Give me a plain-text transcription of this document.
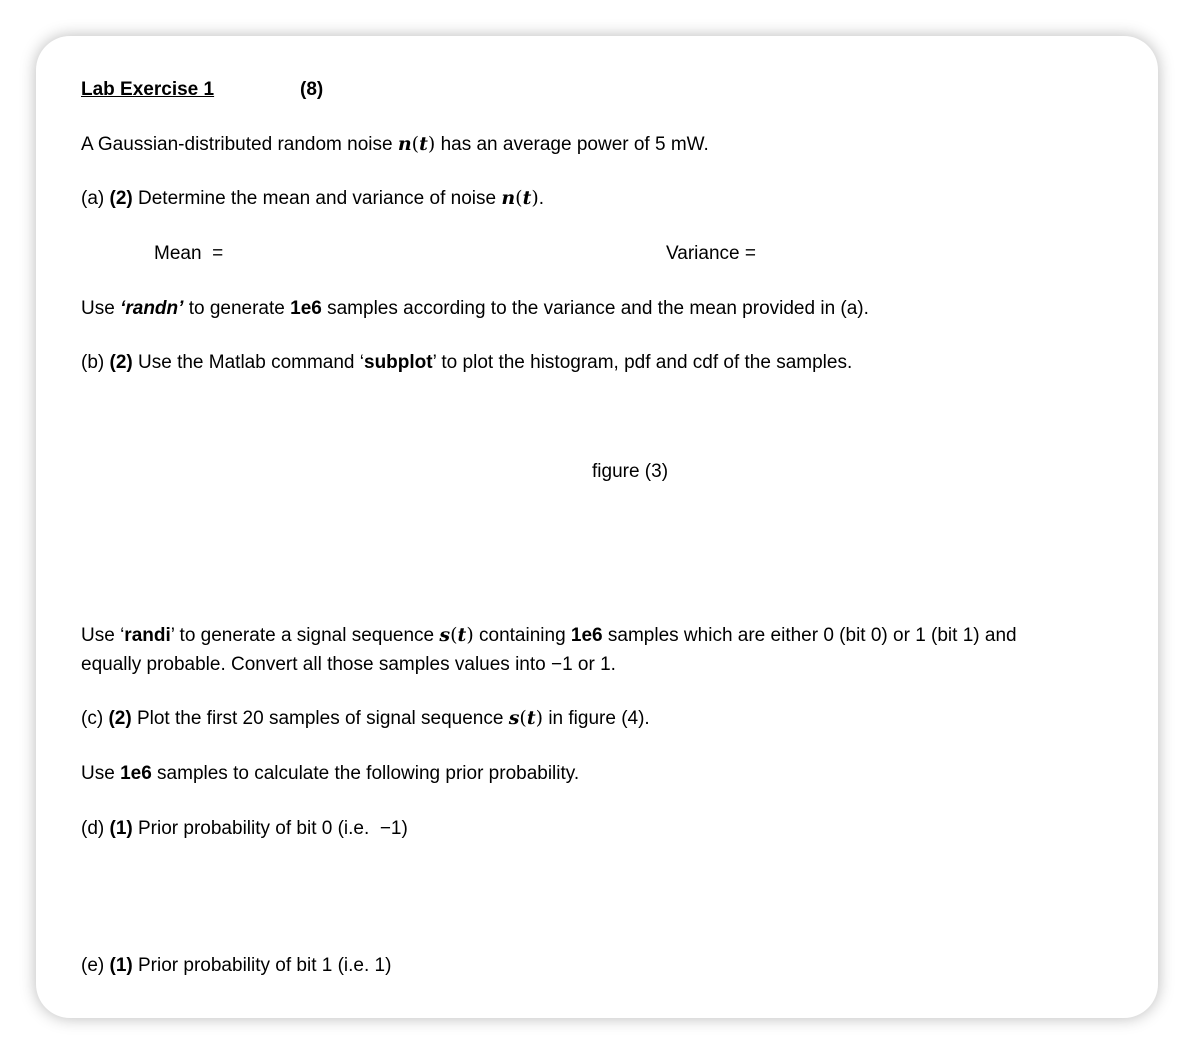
Lab Exercise 1	(8)
A Gaussian-distributed random noise n(t) has an average power of 5 mW.
(a) (2) Determine the mean and variance of noise n(t).
Mean  =	Variance =
Use ‘randn’ to generate 1e6 samples according to the variance and the mean provided in (a).
(b) (2) Use the Matlab command ‘subplot’ to plot the histogram, pdf and cdf of the samples.
figure (3)
Use ‘randi’ to generate a signal sequence s(t) containing 1e6 samples which are either 0 (bit 0) or 1 (bit 1) and
equally probable. Convert all those samples values into −1 or 1.
(c) (2) Plot the first 20 samples of signal sequence s(t) in figure (4).
Use 1e6 samples to calculate the following prior probability.
(d) (1) Prior probability of bit 0 (i.e.  −1)
(e) (1) Prior probability of bit 1 (i.e. 1)
